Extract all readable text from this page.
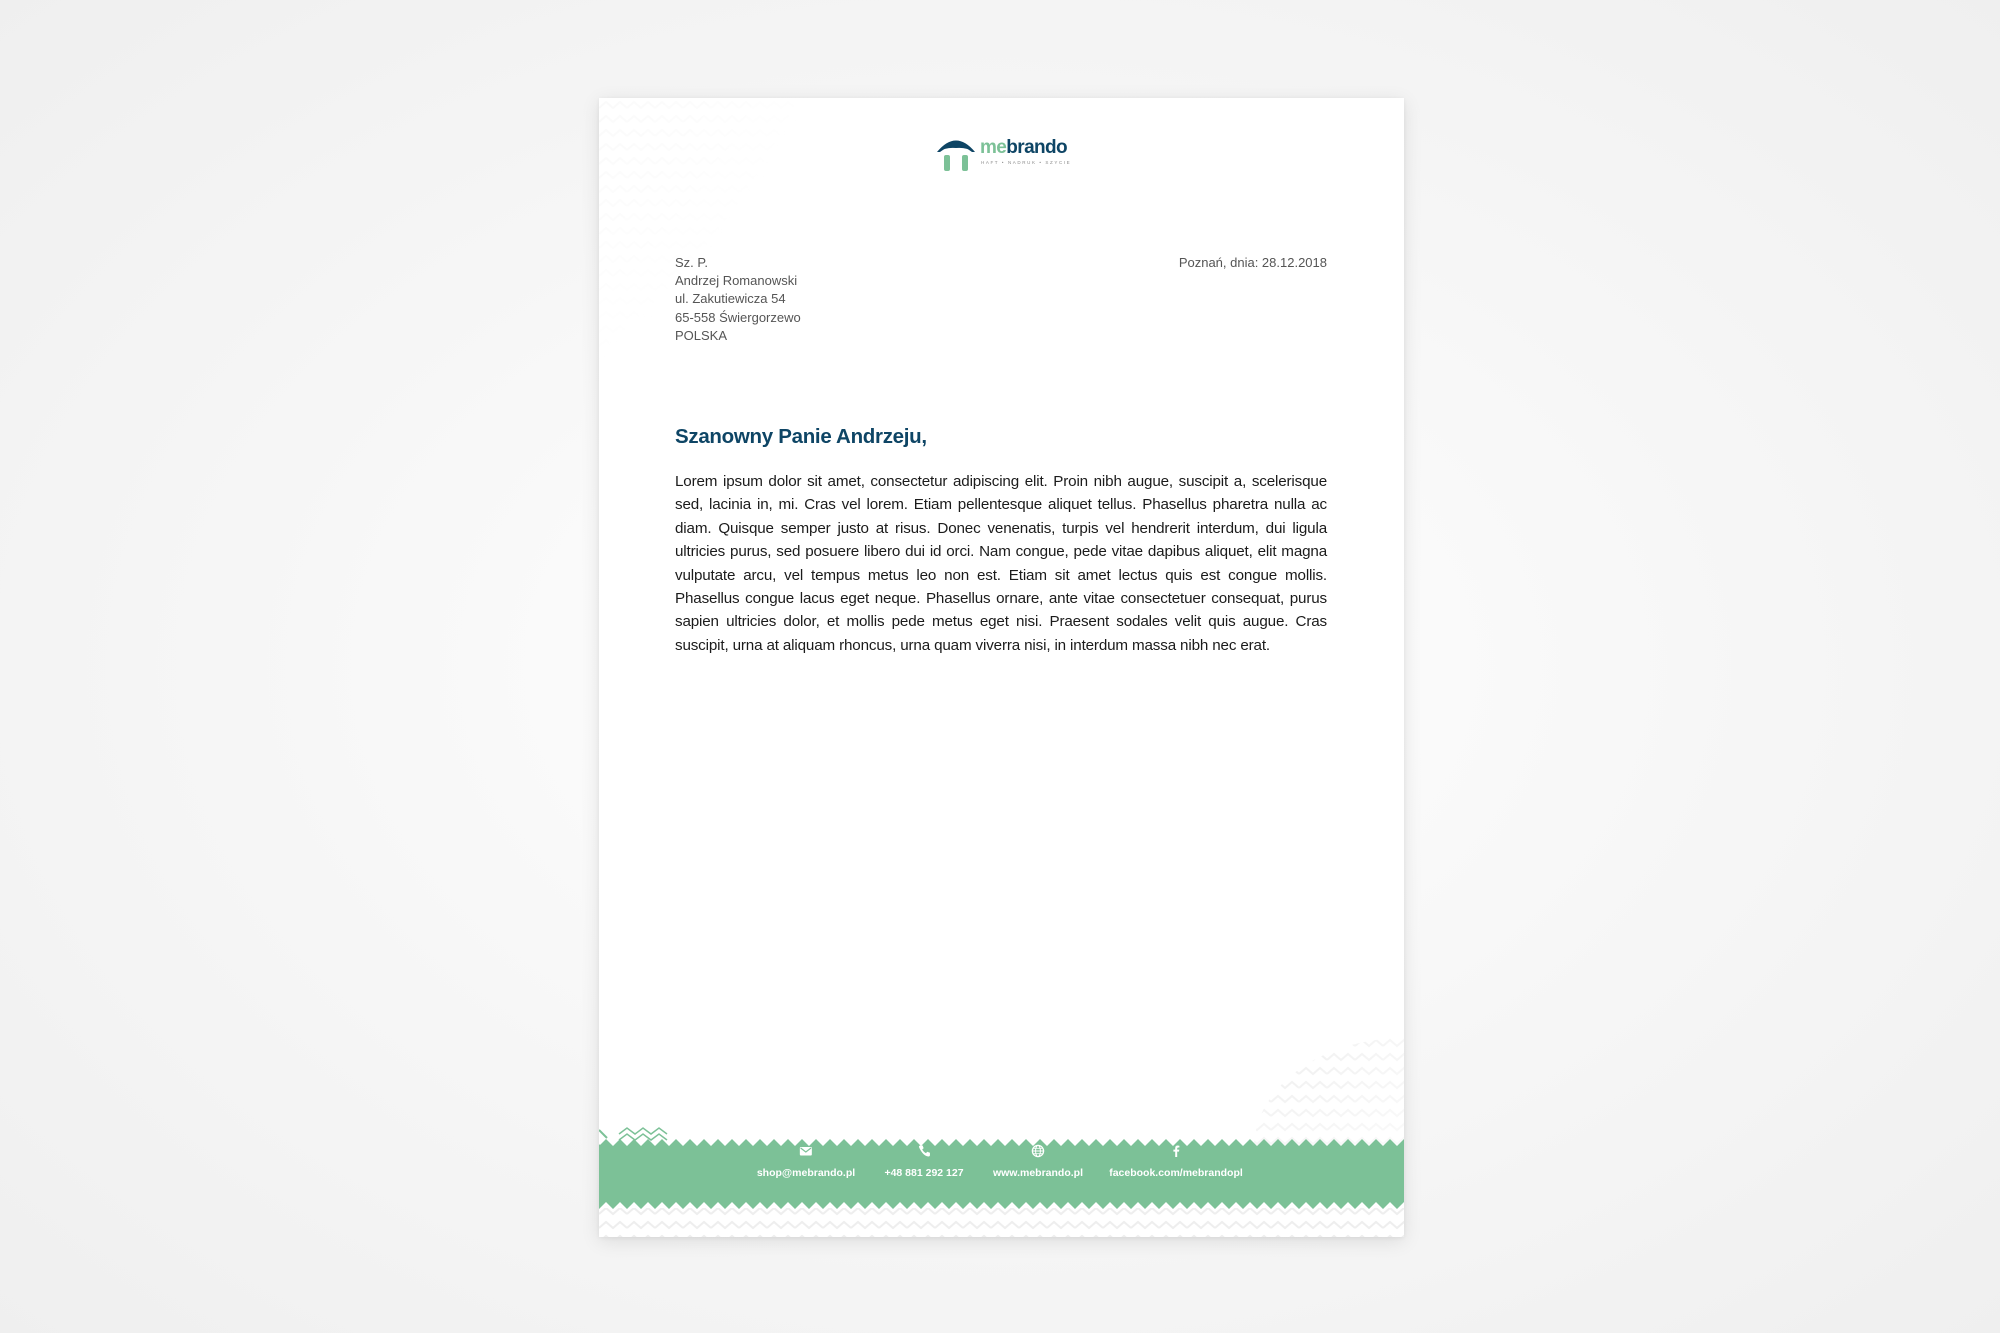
mebrando
HAFT • NADRUK • SZYCIE
Sz. P.
Andrzej Romanowski
ul. Zakutiewicza 54
65-558 Świergorzewo
POLSKA
Poznań, dnia: 28.12.2018
Szanowny Panie Andrzeju,
Lorem ipsum dolor sit amet, consectetur adipiscing elit. Proin nibh augue, suscipit a, scelerisque sed, lacinia in, mi. Cras vel lorem. Etiam pellentesque aliquet tellus. Phasellus pharetra nulla ac diam. Quisque semper justo at risus. Donec venenatis, turpis vel hendrerit interdum, dui ligula ultricies purus, sed posuere libero dui id orci. Nam congue, pede vitae dapibus aliquet, elit magna vulputate arcu, vel tempus metus leo non est. Etiam sit amet lectus quis est congue mollis. Phasellus congue lacus eget neque. Phasellus ornare, ante vitae consectetuer consequat, purus sapien ultricies dolor, et mollis pede metus eget nisi. Praesent sodales velit quis augue. Cras suscipit, urna at aliquam rhoncus, urna quam viverra nisi, in interdum massa nibh nec erat.
shop@mebrando.pl	+48 881 292 127	www.mebrando.pl facebook.com/mebrandopl
